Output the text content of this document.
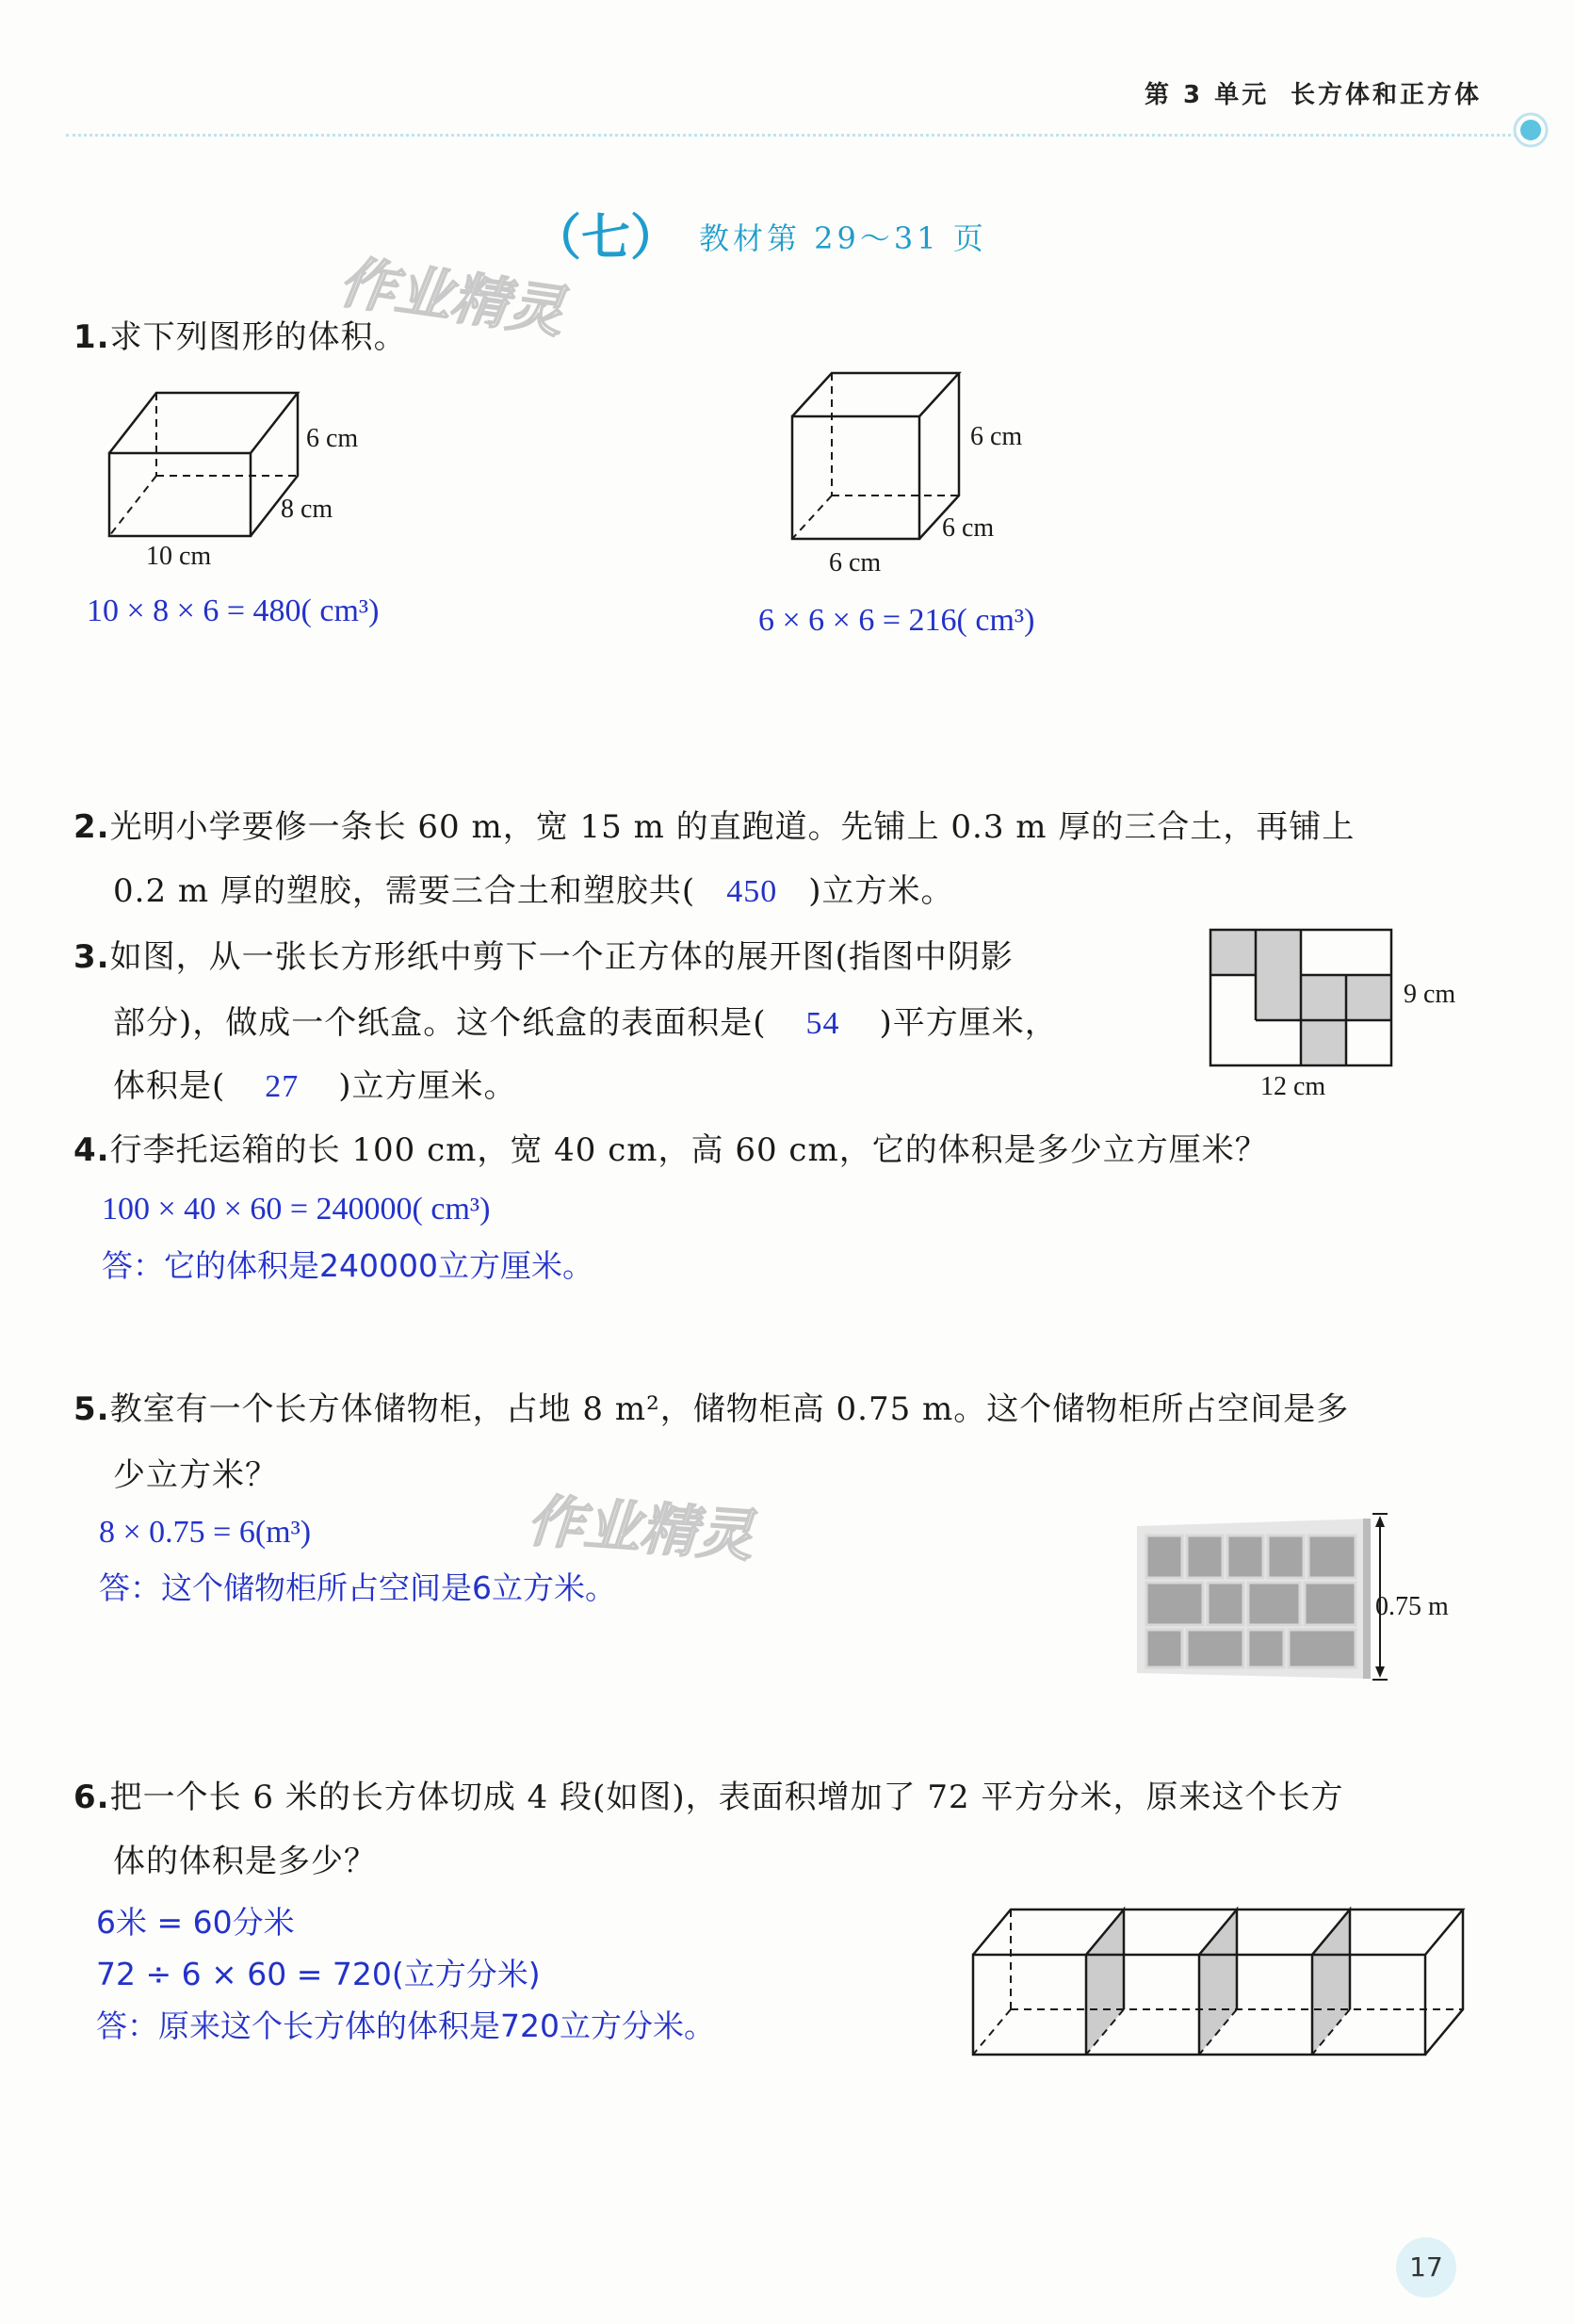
第 3 单元 长方体和正方体
（七） 教材第 29～31 页
作业精灵
1.求下列图形的体积。
6 cm
8 cm
10 cm
6 cm
6 cm
6 cm
10 × 8 × 6 = 480( cm³)	6 × 6 × 6 = 216( cm³)
2.光明小学要修一条长 60 m，宽 15 m 的直跑道。先铺上 0.3 m 厚的三合土，再铺上
0.2 m 厚的塑胶，需要三合土和塑胶共( 450 )立方米。
3.如图，从一张长方形纸中剪下一个正方体的展开图(指图中阴影
部分)，做成一个纸盒。这个纸盒的表面积是( 54 )平方厘米，
体积是( 27 )立方厘米。
9 cm
12 cm
4.行李托运箱的长 100 cm，宽 40 cm，高 60 cm，它的体积是多少立方厘米？
100 × 40 × 60 = 240000( cm³)
答：它的体积是240000立方厘米。
5.教室有一个长方体储物柜，占地 8 m²，储物柜高 0.75 m。这个储物柜所占空间是多
少立方米？
作业精灵
8 × 0.75 = 6(m³)
答：这个储物柜所占空间是6立方米。
0.75 m
6.把一个长 6 米的长方体切成 4 段(如图)，表面积增加了 72 平方分米，原来这个长方
体的体积是多少？
6米 = 60分米
72 ÷ 6 × 60 = 720(立方分米)
答：原来这个长方体的体积是720立方分米。
17
